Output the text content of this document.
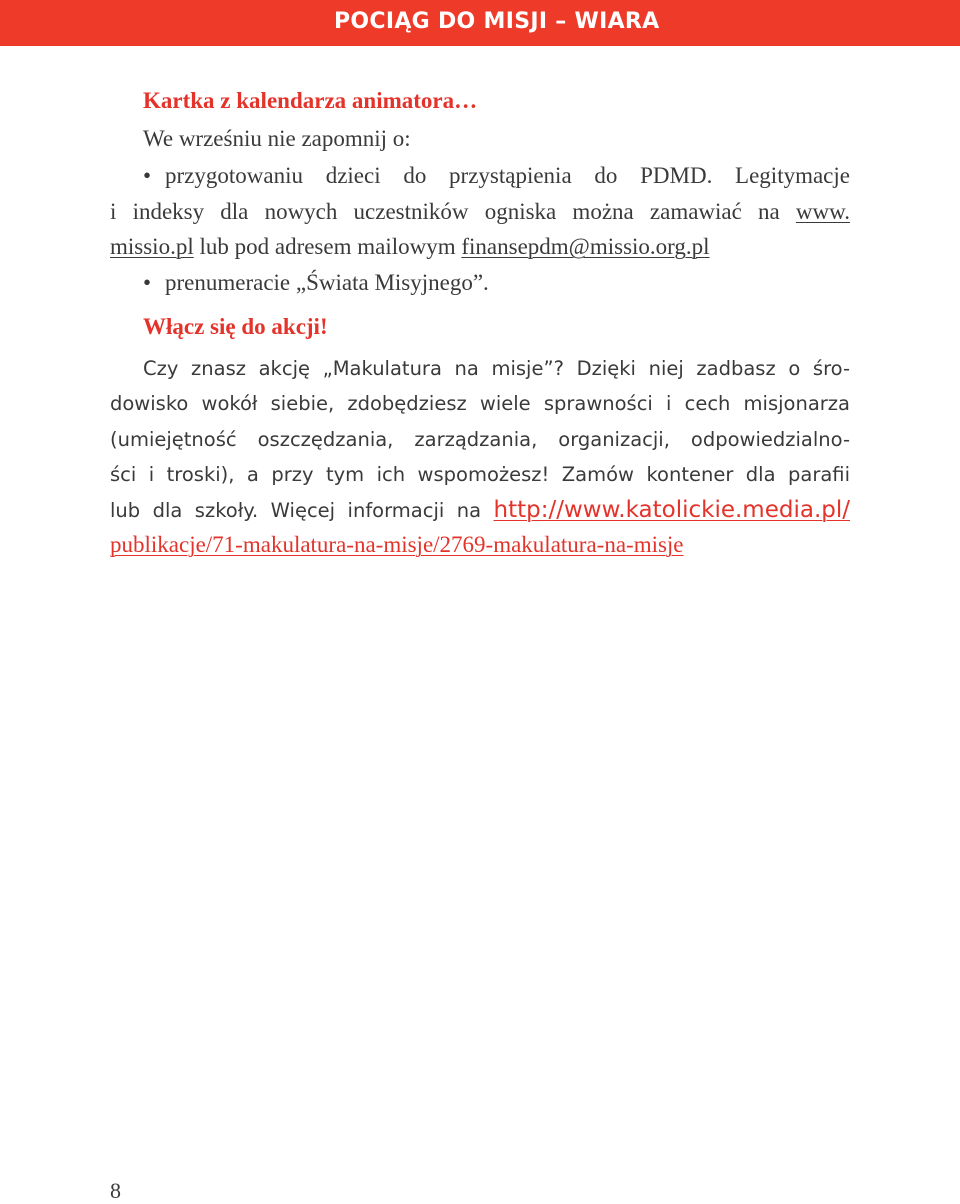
POCIĄG DO MISJI – WIARA
Kartka z kalendarza animatora…
We wrześniu nie zapomnij o:
• przygotowaniu dzieci do przystąpienia do PDMD. Legitymacje
i indeksy dla nowych uczestników ogniska można zamawiać na www.
missio.pl lub pod adresem mailowym finansepdm@missio.org.pl
• prenumeracie „Świata Misyjnego”.
Włącz się do akcji!
Czy znasz akcję „Makulatura na misje”? Dzięki niej zadbasz o śro-
dowisko wokół siebie, zdobędziesz wiele sprawności i cech misjonarza
(umiejętność oszczędzania, zarządzania, organizacji, odpowiedzialno-
ści i troski), a przy tym ich wspomożesz! Zamów kontener dla parafii
lub dla szkoły. Więcej informacji na http://www.katolickie.media.pl/
publikacje/71-makulatura-na-misje/2769-makulatura-na-misje
8
